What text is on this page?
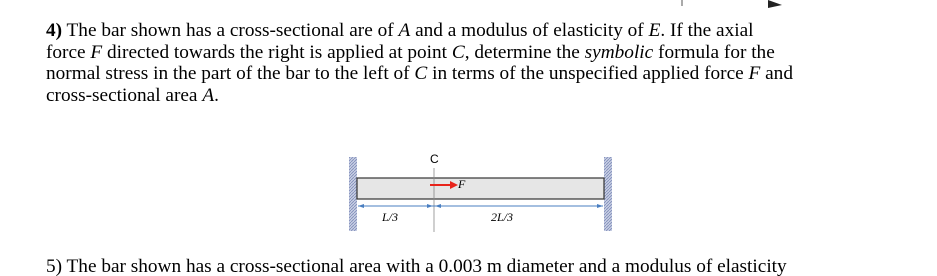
4) The bar shown has a cross-sectional are of A and a modulus of elasticity of E. If the axial
force F directed towards the right is applied at point C, determine the symbolic formula for the
normal stress in the part of the bar to the left of C in terms of the unspecified applied force F and
cross-sectional area A.
C
F
L/3	2L/3
5) The bar shown has a cross-sectional area with a 0.003 m diameter and a modulus of elasticity
